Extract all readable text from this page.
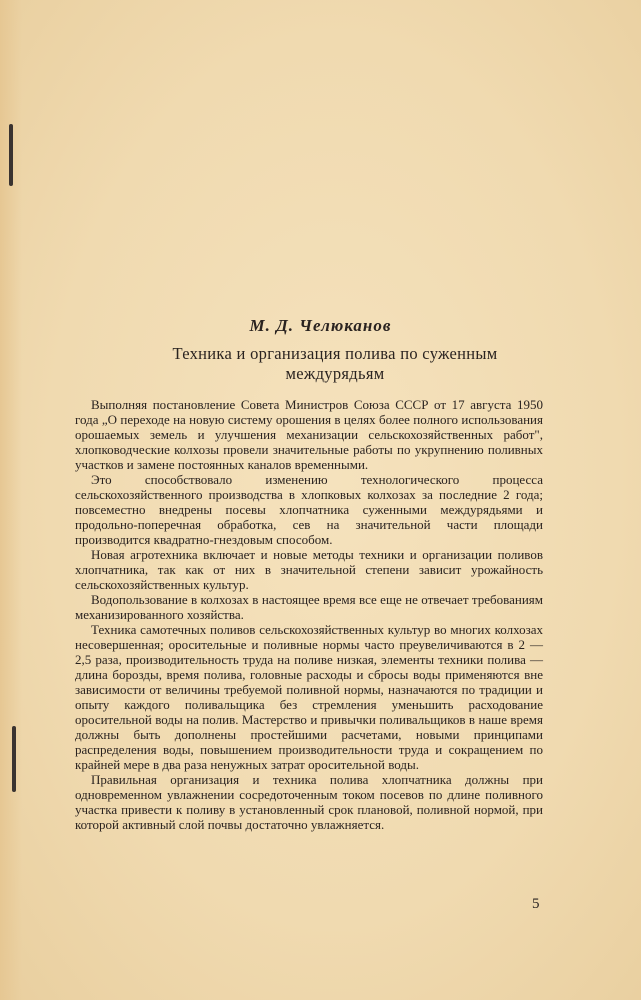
М. Д. Челюканов
Техника и организация полива по суженным
междурядьям

Выполняя постановление Совета Министров Союза СССР от 17 августа 1950 года „О переходе на новую систему орошения в целях более полного использования орошаемых земель и улучшения механизации сельскохозяйственных работ", хлопководческие колхозы провели значительные работы по укрупнению поливных участков и замене постоянных каналов временными.

Это способствовало изменению технологического процесса сельскохозяйственного производства в хлопковых колхозах за последние 2 года; повсеместно внедрены посевы хлопчатника суженными междурядьями и продольно-поперечная обработка, сев на значительной части площади производится квадратно-гнездовым способом.

Новая агротехника включает и новые методы техники и организации поливов хлопчатника, так как от них в значительной степени зависит урожайность сельскохозяйственных культур.

Водопользование в колхозах в настоящее время все еще не отвечает требованиям механизированного хозяйства.

Техника самотечных поливов сельскохозяйственных культур во многих колхозах несовершенная; оросительные и поливные нормы часто преувеличиваются в 2 — 2,5 раза, производительность труда на поливе низкая, элементы техники полива — длина борозды, время полива, головные расходы и сбросы воды применяются вне зависимости от величины требуемой поливной нормы, назначаются по традиции и опыту каждого поливальщика без стремления уменьшить расходование оросительной воды на полив. Мастерство и привычки поливальщиков в наше время должны быть дополнены простейшими расчетами, новыми принципами распределения воды, повышением производительности труда и сокращением по крайней мере в два раза ненужных затрат оросительной воды.

Правильная организация и техника полива хлопчатника должны при одновременном увлажнении сосредоточенным током посевов по длине поливного участка привести к поливу в установленный срок плановой, поливной нормой, при которой активный слой почвы достаточно увлажняется.

5
